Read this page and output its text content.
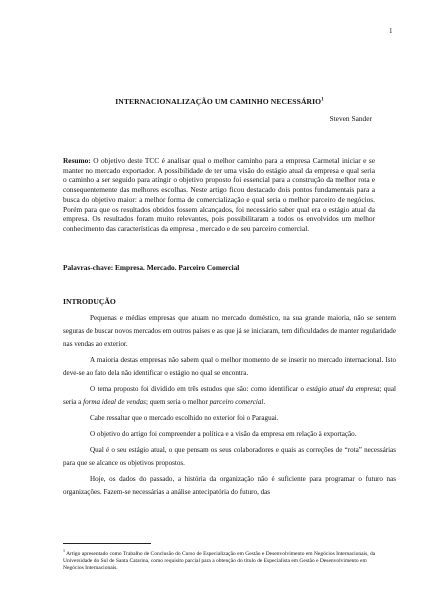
1
INTERNACIONALIZAÇÃO UM CAMINHO NECESSÁRIO$^1$
Steven Sander

Resumo: O objetivo deste TCC é analisar qual o melhor caminho para a empresa Carmetal iniciar e se manter no mercado exportador. A possibilidade de ter uma visão do estágio atual da empresa e qual seria o caminho a ser seguido para atingir o objetivo proposto foi essencial para a construção da melhor rota e consequentemente das melhores escolhas. Neste artigo ficou destacado dois pontos fundamentais para a busca do objetivo maior: a melhor forma de comercialização e qual seria o melhor parceiro de negócios. Porém para que os resultados obtidos fossem alcançados, foi necessário saber qual era o estágio atual da empresa. Os resultados foram muito relevantes, pois possibilitaram a todos os envolvidos um melhor conhecimento das características da empresa , mercado e de seu parceiro comercial.

Palavras-chave: Empresa. Mercado. Parceiro Comercial
INTRODUÇÃO

Pequenas e médias empresas que atuam no mercado doméstico, na sua grande maioria, não se sentem seguras de buscar novos mercados em outros países e as que já se iniciaram, tem dificuldades de manter regularidade nas vendas ao exterior.

A maioria destas empresas não sabem qual o melhor momento de se inserir no mercado internacional. Isto deve-se ao fato dela não identificar o estágio no qual se encontra.

O tema proposto foi dividido em três estudos que são: como identificar o estágio atual da empresa; qual seria a forma ideal de vendas; quem seria o melhor parceiro comercial.

Cabe ressaltar que o mercado escolhido no exterior foi o Paraguai.

O objetivo do artigo foi compreender a política e a visão da empresa em relação à exportação.

Qual é o seu estágio atual, o que pensam os seus colaboradores e quais as correções de “rota” necessárias para que se alcance os objetivos propostos.

Hoje, os dados do passado, a história da organização não é suficiente para programar o futuro nas organizações. Fazem-se necessárias a análise antecipatória do futuro, das

$^1$ Artigo apresentado como Trabalho de Conclusão do Curso de Especialização em Gestão e Desenvolvimento em Negócios Internacionais, da Universidade do Sul de Santa Catarina, como requisito parcial para a obtenção do título de Especialista em Gestão e Desenvolvimento em Negócios Internacionais.
